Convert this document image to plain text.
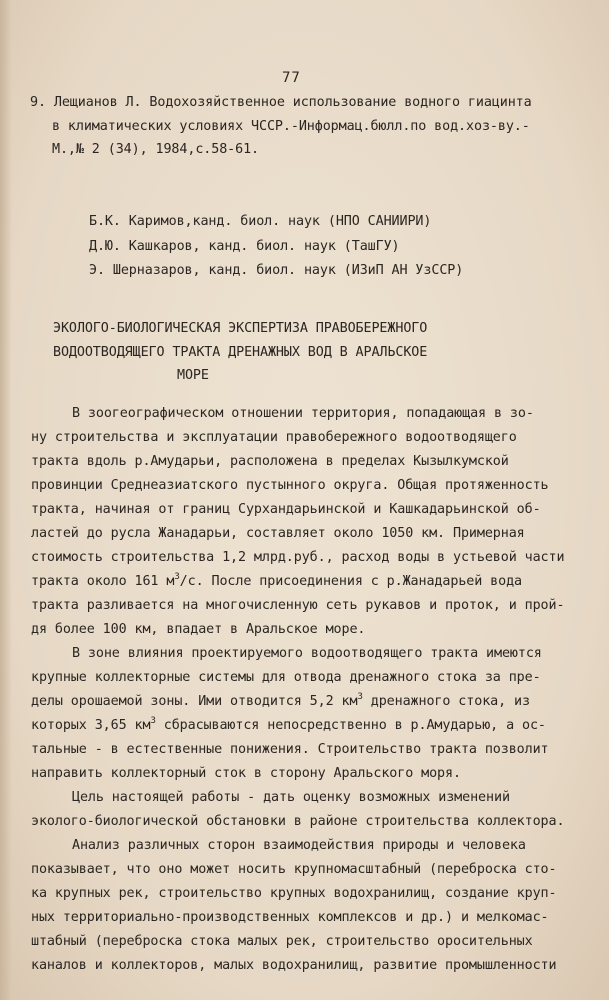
77
9. Лещианов Л. Водохозяйственное использование водного гиацинта
в климатических условиях ЧССР.-Информац.бюлл.по вод.хоз-ву.-
М.,№ 2 (34), 1984,с.58-61.
Б.К. Каримов,канд. биол. наук (НПО САНИИРИ)
Д.Ю. Кашкаров, канд. биол. наук (ТашГУ)
Э. Шерназаров, канд. биол. наук (ИЗиП АН УзССР)
ЭКОЛОГО-БИОЛОГИЧЕСКАЯ ЭКСПЕРТИЗА ПРАВОБЕРЕЖНОГО
ВОДООТВОДЯЩЕГО ТРАКТА ДРЕНАЖНЫХ ВОД В АРАЛЬСКОЕ
МОРЕ
В зоогеографическом отношении территория, попадающая в зо-
ну строительства и эксплуатации правобережного водоотводящего
тракта вдоль р.Амударьи, расположена в пределах Кызылкумской
провинции Среднеазиатского пустынного округа. Общая протяженность
тракта, начиная от границ Сурхандарьинской и Кашкадарьинской об-
ластей до русла Жанадарьи, составляет около 1050 км. Примерная
стоимость строительства 1,2 млрд.руб., расход воды в устьевой части
тракта около 161 $м^3/с$. После присоединения с р.Жанадарьей вода
тракта разливается на многочисленную сеть рукавов и проток, и прой-
дя более 100 км, впадает в Аральское море.
В зоне влияния проектируемого водоотводящего тракта имеются
крупные коллекторные системы для отвода дренажного стока за пре-
делы орошаемой зоны. Ими отводится 5,2 $км^3$ дренажного стока, из
которых 3,65 $км^3$ сбрасываются непосредственно в р.Амударью, а ос-
тальные - в естественные понижения. Строительство тракта позволит
направить коллекторный сток в сторону Аральского моря.
Цель настоящей работы - дать оценку возможных изменений
эколого-биологической обстановки в районе строительства коллектора.
Анализ различных сторон взаимодействия природы и человека
показывает, что оно может носить крупномасштабный (переброска сто-
ка крупных рек, строительство крупных водохранилищ, создание круп-
ных территориально-производственных комплексов и др.) и мелкомас-
штабный (переброска стока малых рек, строительство оросительных
каналов и коллекторов, малых водохранилищ, развитие промышленности
